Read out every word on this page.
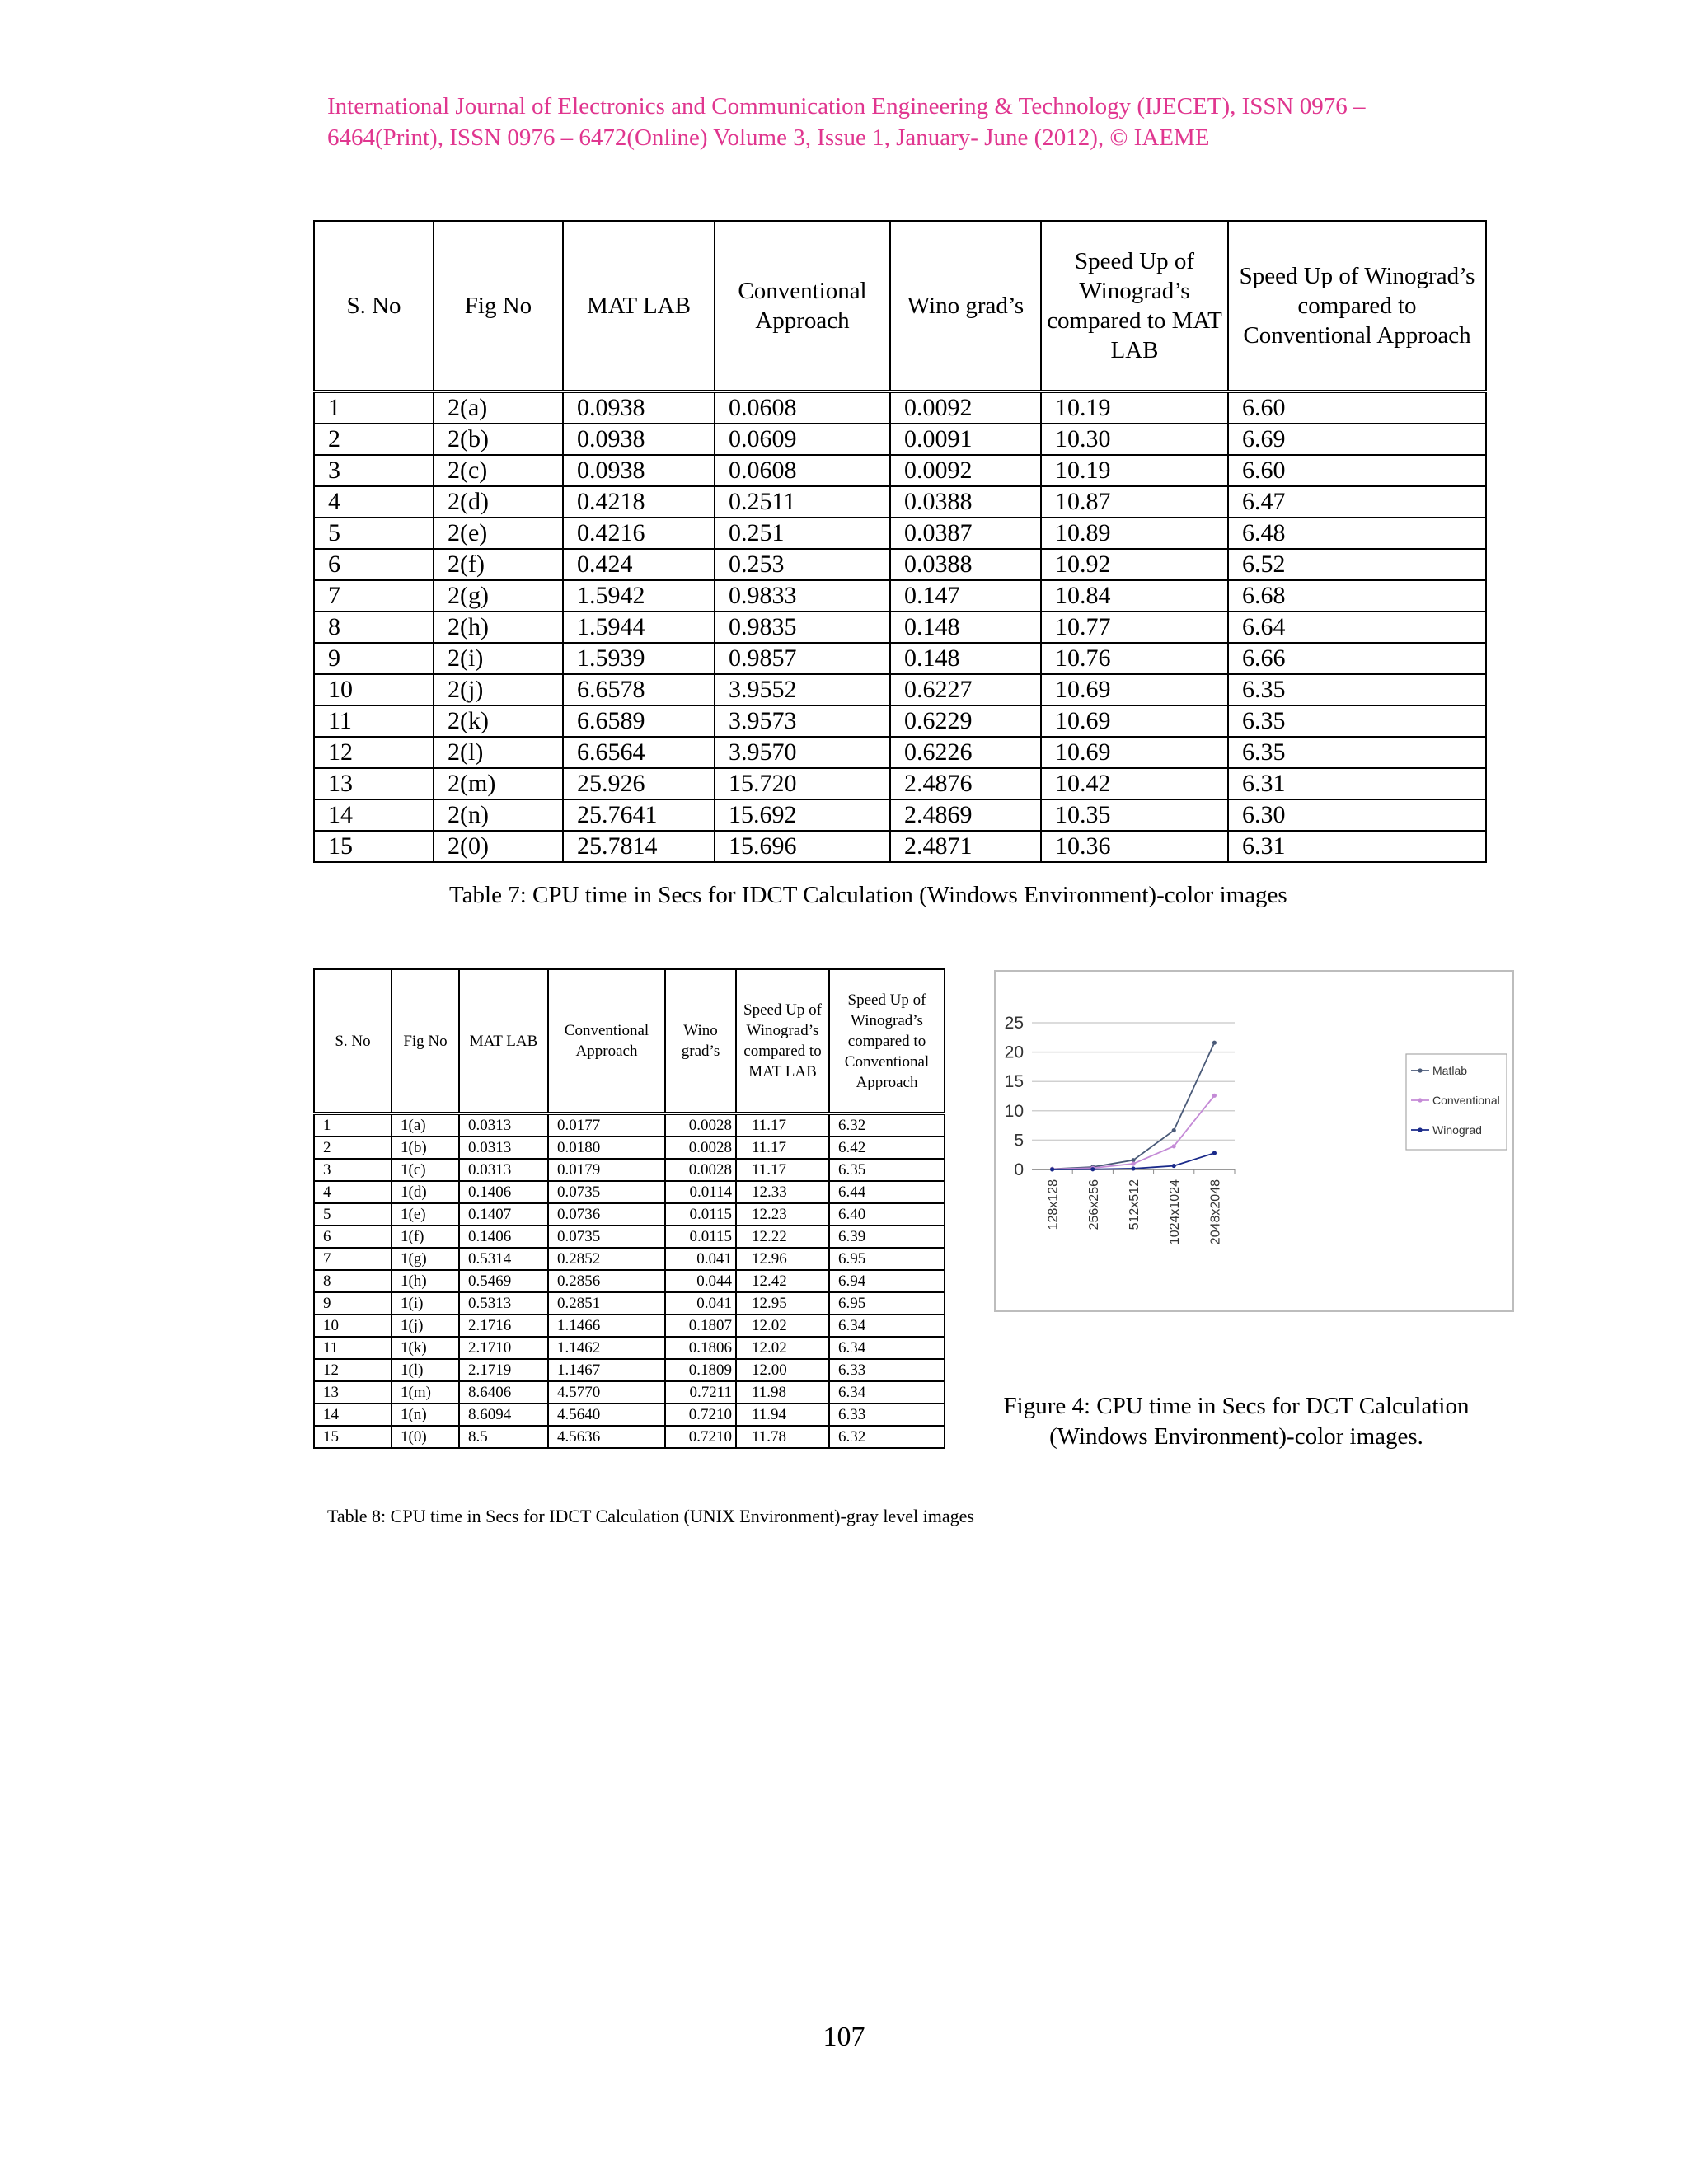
International Journal of Electronics and Communication Engineering & Technology (IJECET), ISSN 0976 –
6464(Print), ISSN 0976 – 6472(Online) Volume 3, Issue 1, January- June (2012), © IAEME
S. No	Fig No	MAT LAB	Conventional Approach	Wino grad’s	Speed Up of Winograd’s compared to MAT LAB	Speed Up of Winograd’s compared to Conventional Approach
1	2(a)	0.0938	0.0608	0.0092	10.19	6.60
2	2(b)	0.0938	0.0609	0.0091	10.30	6.69
3	2(c)	0.0938	0.0608	0.0092	10.19	6.60
4	2(d)	0.4218	0.2511	0.0388	10.87	6.47
5	2(e)	0.4216	0.251	0.0387	10.89	6.48
6	2(f)	0.424	0.253	0.0388	10.92	6.52
7	2(g)	1.5942	0.9833	0.147	10.84	6.68
8	2(h)	1.5944	0.9835	0.148	10.77	6.64
9	2(i)	1.5939	0.9857	0.148	10.76	6.66
10	2(j)	6.6578	3.9552	0.6227	10.69	6.35
11	2(k)	6.6589	3.9573	0.6229	10.69	6.35
12	2(l)	6.6564	3.9570	0.6226	10.69	6.35
13	2(m)	25.926	15.720	2.4876	10.42	6.31
14	2(n)	25.7641	15.692	2.4869	10.35	6.30
15	2(0)	25.7814	15.696	2.4871	10.36	6.31
Table 7: CPU time in Secs for IDCT Calculation (Windows Environment)-color images
S. No	Fig No	MAT LAB	Conventional Approach	Wino grad’s	Speed Up of Winograd’s compared to MAT LAB	Speed Up of Winograd’s compared to Conventional Approach
1	1(a)	0.0313	0.0177	0.0028	11.17	6.32
2	1(b)	0.0313	0.0180	0.0028	11.17	6.42
3	1(c)	0.0313	0.0179	0.0028	11.17	6.35
4	1(d)	0.1406	0.0735	0.0114	12.33	6.44
5	1(e)	0.1407	0.0736	0.0115	12.23	6.40
6	1(f)	0.1406	0.0735	0.0115	12.22	6.39
7	1(g)	0.5314	0.2852	0.041	12.96	6.95
8	1(h)	0.5469	0.2856	0.044	12.42	6.94
9	1(i)	0.5313	0.2851	0.041	12.95	6.95
10	1(j)	2.1716	1.1466	0.1807	12.02	6.34
11	1(k)	2.1710	1.1462	0.1806	12.02	6.34
12	1(l)	2.1719	1.1467	0.1809	12.00	6.33
13	1(m)	8.6406	4.5770	0.7211	11.98	6.34
14	1(n)	8.6094	4.5640	0.7210	11.94	6.33
15	1(0)	8.5	4.5636	0.7210	11.78	6.32
Table 8: CPU time in Secs for IDCT Calculation (UNIX Environment)-gray level images
0
5
10
15
20
25
128x128 256x256 512x512 1024x1024 2048x2048
Matlab
Conventional
Winograd
Figure 4: CPU time in Secs for DCT Calculation
(Windows Environment)-color images.
107
